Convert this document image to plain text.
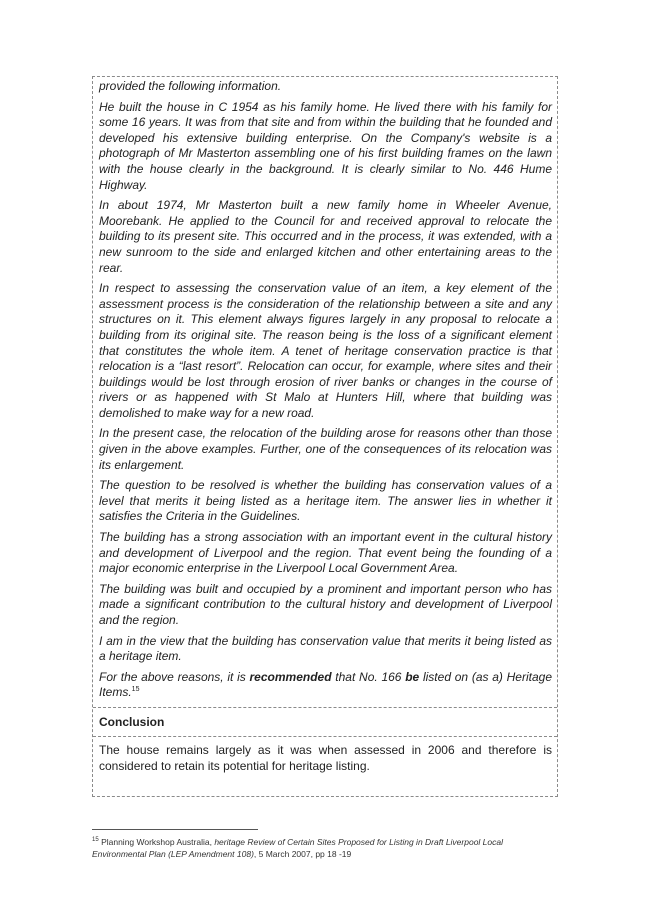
provided the following information.

He built the house in C 1954 as his family home. He lived there with his family for some 16 years. It was from that site and from within the building that he founded and developed his extensive building enterprise. On the Company's website is a photograph of Mr Masterton assembling one of his first building frames on the lawn with the house clearly in the background. It is clearly similar to No. 446 Hume Highway.

In about 1974, Mr Masterton built a new family home in Wheeler Avenue, Moorebank. He applied to the Council for and received approval to relocate the building to its present site. This occurred and in the process, it was extended, with a new sunroom to the side and enlarged kitchen and other entertaining areas to the rear.

In respect to assessing the conservation value of an item, a key element of the assessment process is the consideration of the relationship between a site and any structures on it. This element always figures largely in any proposal to relocate a building from its original site. The reason being is the loss of a significant element that constitutes the whole item. A tenet of heritage conservation practice is that relocation is a “last resort”. Relocation can occur, for example, where sites and their buildings would be lost through erosion of river banks or changes in the course of rivers or as happened with St Malo at Hunters Hill, where that building was demolished to make way for a new road.

In the present case, the relocation of the building arose for reasons other than those given in the above examples. Further, one of the consequences of its relocation was its enlargement.

The question to be resolved is whether the building has conservation values of a level that merits it being listed as a heritage item. The answer lies in whether it satisfies the Criteria in the Guidelines.

The building has a strong association with an important event in the cultural history and development of Liverpool and the region. That event being the founding of a major economic enterprise in the Liverpool Local Government Area.

The building was built and occupied by a prominent and important person who has made a significant contribution to the cultural history and development of Liverpool and the region.

I am in the view that the building has conservation value that merits it being listed as a heritage item.

For the above reasons, it is recommended that No. 166 be listed on (as a) Heritage Items.$^{15}$

Conclusion

The house remains largely as it was when assessed in 2006 and therefore is considered to retain its potential for heritage listing.

$^{15}$ Planning Workshop Australia, heritage Review of Certain Sites Proposed for Listing in Draft Liverpool Local Environmental Plan (LEP Amendment 108), 5 March 2007, pp 18 -19
